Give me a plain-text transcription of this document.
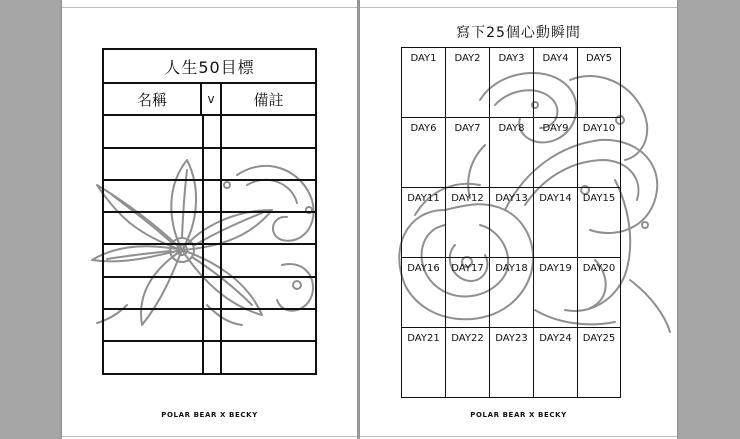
人生50目標
名稱	v	備註
POLAR BEAR X BECKY
寫下25個心動瞬間
DAY1	DAY2	DAY3	DAY4	DAY5
DAY6	DAY7	DAY8	DAY9	DAY10
DAY11	DAY12	DAY13	DAY14	DAY15
DAY16	DAY17	DAY18	DAY19	DAY20
DAY21	DAY22	DAY23	DAY24	DAY25
POLAR BEAR X BECKY
